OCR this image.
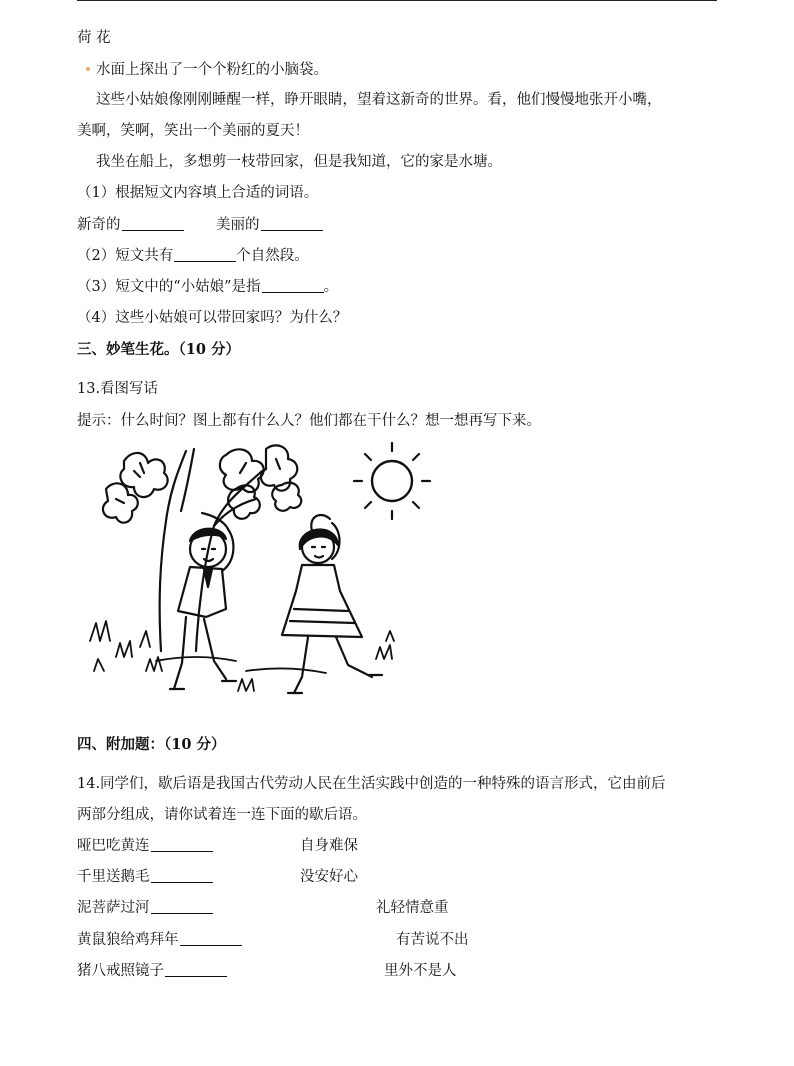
荷 花
水面上探出了一个个粉红的小脑袋。
这些小姑娘像刚刚睡醒一样，睁开眼睛，望着这新奇的世界。看，他们慢慢地张开小嘴，
美啊，笑啊，笑出一个美丽的夏天！
我坐在船上，多想剪一枝带回家，但是我知道，它的家是水塘。
（1）根据短文内容填上合适的词语。
新奇的	美丽的
（2）短文共有	个自然段。
（3）短文中的“小姑娘”是指	。
（4）这些小姑娘可以带回家吗？为什么？
三、妙笔生花。（10 分）
13.看图写话
提示：什么时间？图上都有什么人？他们都在干什么？想一想再写下来。
四、附加题：（10 分）
14.同学们，歇后语是我国古代劳动人民在生活实践中创造的一种特殊的语言形式，它由前后
两部分组成，请你试着连一连下面的歇后语。
哑巴吃黄连	自身难保
千里送鹅毛	没安好心
泥菩萨过河	礼轻情意重
黄鼠狼给鸡拜年	有苦说不出
猪八戒照镜子	里外不是人
